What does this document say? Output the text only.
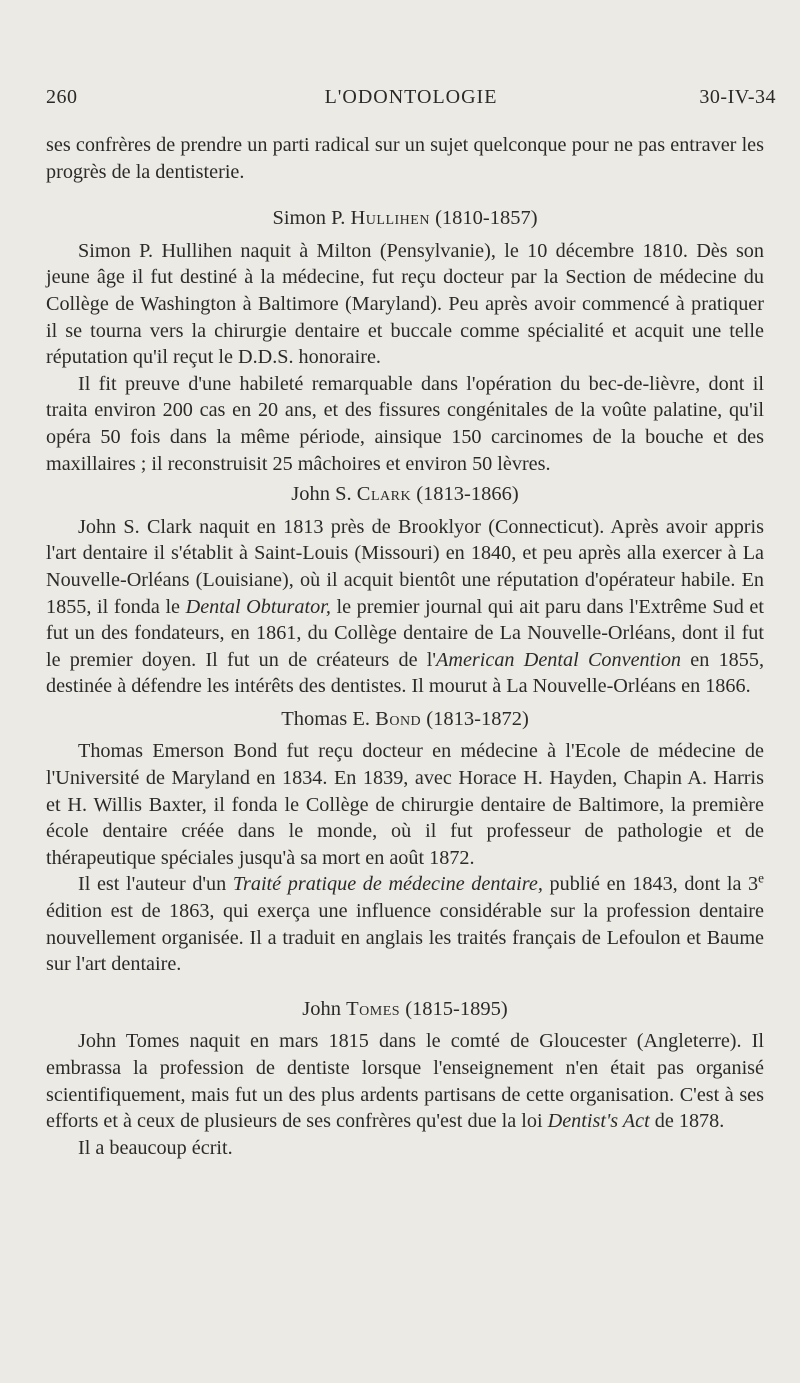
260	L'ODONTOLOGIE	30-IV-34

ses confrères de prendre un parti radical sur un sujet quelconque pour ne pas entraver les progrès de la dentisterie.

Simon P. Hullihen (1810-1857)

Simon P. Hullihen naquit à Milton (Pensylvanie), le 10 décembre 1810. Dès son jeune âge il fut destiné à la médecine, fut reçu docteur par la Section de médecine du Collège de Washington à Baltimore (Maryland). Peu après avoir commencé à pratiquer il se tourna vers la chirurgie dentaire et buccale comme spécialité et acquit une telle réputation qu'il reçut le D.D.S. honoraire.

Il fit preuve d'une habileté remarquable dans l'opération du bec-de-lièvre, dont il traita environ 200 cas en 20 ans, et des fissures congénitales de la voûte palatine, qu'il opéra 50 fois dans la même période, ainsique 150 carcinomes de la bouche et des maxillaires ; il reconstruisit 25 mâchoires et environ 50 lèvres.

John S. Clark (1813-1866)

John S. Clark naquit en 1813 près de Brooklyor (Connecticut). Après avoir appris l'art dentaire il s'établit à Saint-Louis (Missouri) en 1840, et peu après alla exercer à La Nouvelle-Orléans (Louisiane), où il acquit bientôt une réputation d'opérateur habile. En 1855, il fonda le Dental Obturator, le premier journal qui ait paru dans l'Extrême Sud et fut un des fondateurs, en 1861, du Collège dentaire de La Nouvelle-Orléans, dont il fut le premier doyen. Il fut un de créateurs de l'American Dental Convention en 1855, destinée à défendre les intérêts des dentistes. Il mourut à La Nouvelle-Orléans en 1866.

Thomas E. Bond (1813-1872)

Thomas Emerson Bond fut reçu docteur en médecine à l'Ecole de médecine de l'Université de Maryland en 1834. En 1839, avec Horace H. Hayden, Chapin A. Harris et H. Willis Baxter, il fonda le Collège de chirurgie dentaire de Baltimore, la première école dentaire créée dans le monde, où il fut professeur de pathologie et de thérapeutique spéciales jusqu'à sa mort en août 1872.

Il est l'auteur d'un Traité pratique de médecine dentaire, publié en 1843, dont la 3e édition est de 1863, qui exerça une influence considérable sur la profession dentaire nouvellement organisée. Il a traduit en anglais les traités français de Lefoulon et Baume sur l'art dentaire.

John Tomes (1815-1895)

John Tomes naquit en mars 1815 dans le comté de Gloucester (Angleterre). Il embrassa la profession de dentiste lorsque l'enseignement n'en était pas organisé scientifiquement, mais fut un des plus ardents partisans de cette organisation. C'est à ses efforts et à ceux de plusieurs de ses confrères qu'est due la loi Dentist's Act de 1878.

Il a beaucoup écrit.
